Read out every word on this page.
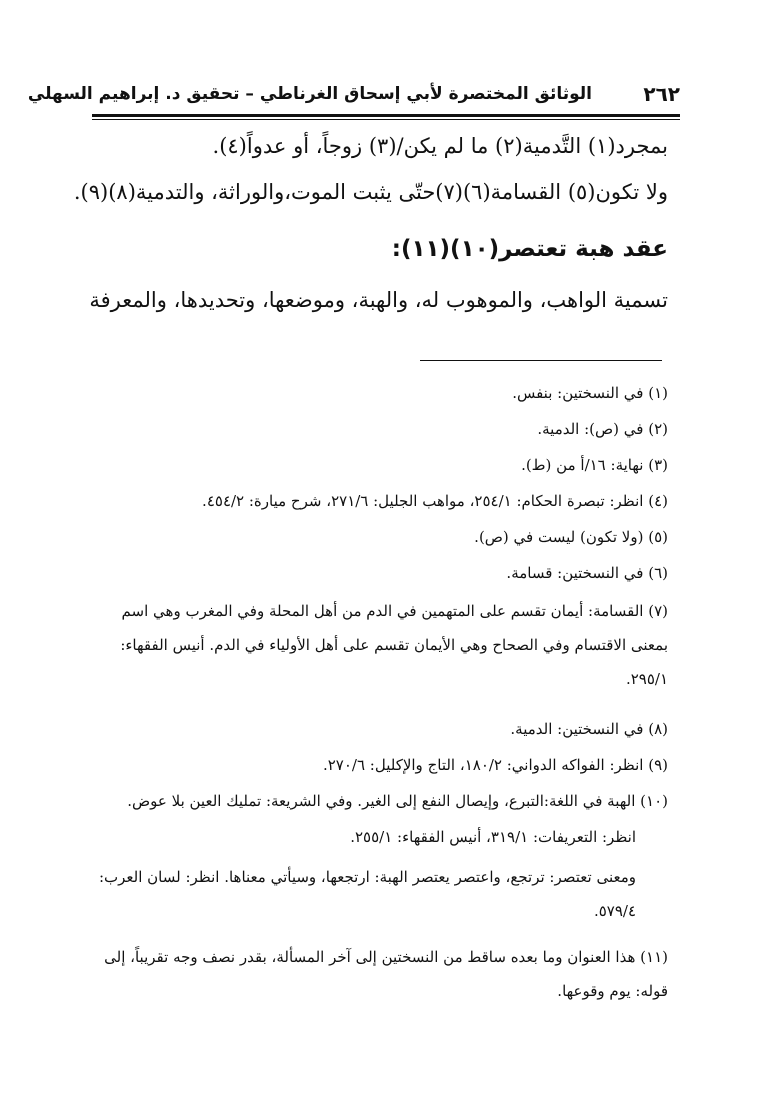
٢٦٢
الوثائق المختصرة لأبي إسحاق الغرناطي – تحقيق د. إبراهيم السهلي
بمجرد(١) التَّدمية(٢) ما لم يكن/(٣) زوجاً، أو عدواً(٤).
ولا تكون(٥) القسامة(٦)(٧)حتّى يثبت الموت،والوراثة، والتدمية(٨)(٩).
عقد هبة تعتصر(١٠)(١١):
تسمية الواهب، والموهوب له، والهبة، وموضعها، وتحديدها، والمعرفة
(١) في النسختين: بنفس.
(٢) في (ص): الدمية.
(٣) نهاية: ١٦/أ من (ط).
(٤) انظر: تبصرة الحكام: ٢٥٤/١، مواهب الجليل: ٢٧١/٦، شرح ميارة: ٤٥٤/٢.
(٥) (ولا تكون) ليست في (ص).
(٦) في النسختين: قسامة.
(٧) القسامة: أيمان تقسم على المتهمين في الدم من أهل المحلة وفي المغرب وهي اسم بمعنى الاقتسام وفي الصحاح وهي الأيمان تقسم على أهل الأولياء في الدم. أنيس الفقهاء: ٢٩٥/١.
(٨) في النسختين: الدمية.
(٩) انظر: الفواكه الدواني: ١٨٠/٢، التاج والإكليل: ٢٧٠/٦.
(١٠) الهبة في اللغة:التبرع، وإيصال النفع إلى الغير. وفي الشريعة: تمليك العين بلا عوض.
انظر: التعريفات: ٣١٩/١، أنيس الفقهاء: ٢٥٥/١.
ومعنى تعتصر: ترتجع، واعتصر يعتصر الهبة: ارتجعها، وسيأتي معناها. انظر: لسان العرب: ٥٧٩/٤.
(١١) هذا العنوان وما بعده ساقط من النسختين إلى آخر المسألة، بقدر نصف وجه تقريباً، إلى قوله: يوم وقوعها.
